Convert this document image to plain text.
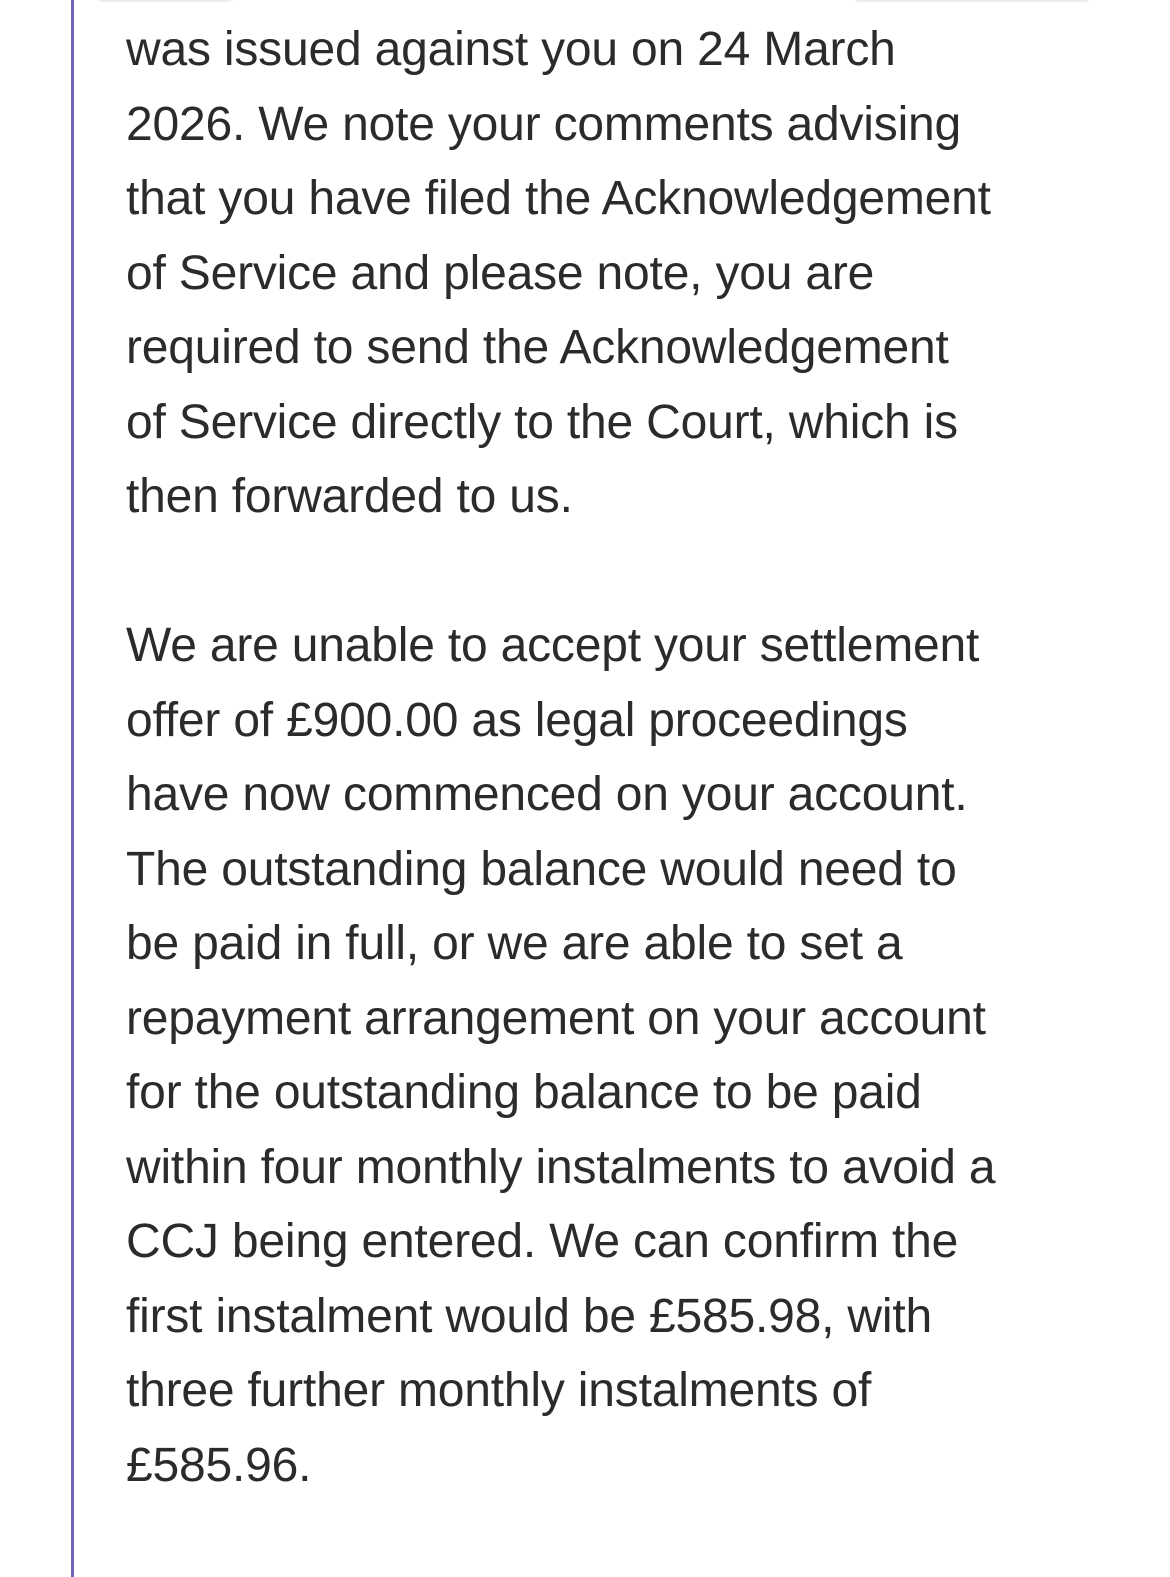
was issued against you on 24 March
2026. We note your comments advising
that you have filed the Acknowledgement
of Service and please note, you are
required to send the Acknowledgement
of Service directly to the Court, which is
then forwarded to us.

We are unable to accept your settlement
offer of £900.00 as legal proceedings
have now commenced on your account.
The outstanding balance would need to
be paid in full, or we are able to set a
repayment arrangement on your account
for the outstanding balance to be paid
within four monthly instalments to avoid a
CCJ being entered. We can confirm the
first instalment would be £585.98, with
three further monthly instalments of
£585.96.
